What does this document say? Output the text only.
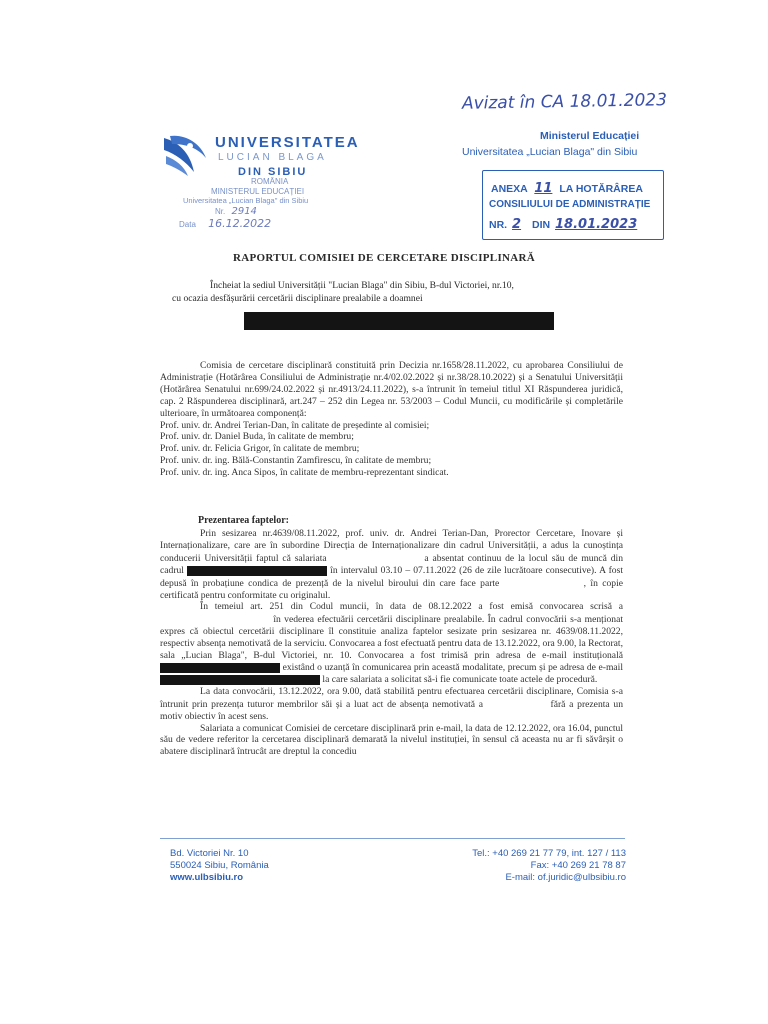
Avizat în CA 18.01.2023
UNIVERSITATEA
LUCIAN BLAGA
DIN SIBIU
ROMÂNIA
MINISTERUL EDUCAȚIEI
Universitatea „Lucian Blaga" din Sibiu
Nr. 2914
Data 16.12.2022
Ministerul Educației
Universitatea „Lucian Blaga" din Sibiu
ANEXA 11 LA HOTĂRÂREA
CONSILIULUI DE ADMINISTRAȚIE
NR. 2 DIN 18.01.2023
RAPORTUL COMISIEI DE CERCETARE DISCIPLINARĂ
Încheiat la sediul Universității "Lucian Blaga" din Sibiu, B-dul Victoriei, nr.10,
cu ocazia desfășurării cercetării disciplinare prealabile a doamnei

Comisia de cercetare disciplinară constituită prin Decizia nr.1658/28.11.2022, cu aprobarea Consiliului de Administrație (Hotărârea Consiliului de Administrație nr.4/02.02.2022 și nr.38/28.10.2022) și a Senatului Universității (Hotărârea Senatului nr.699/24.02.2022 și nr.4913/24.11.2022), s-a întrunit în temeiul titlul XI Răspunderea juridică, cap. 2 Răspunderea disciplinară, art.247 – 252 din Legea nr. 53/2003 – Codul Muncii, cu modificările și completările ulterioare, în următoarea componență:

Prof. univ. dr. Andrei Terian-Dan, în calitate de președinte al comisiei;

Prof. univ. dr. Daniel Buda, în calitate de membru;

Prof. univ. dr. Felicia Grigor, în calitate de membru;

Prof. univ. dr. ing. Bălă-Constantin Zamfirescu, în calitate de membru;

Prof. univ. dr. ing. Anca Sipos, în calitate de membru-reprezentant sindicat.

Prezentarea faptelor:

Prin sesizarea nr.4639/08.11.2022, prof. univ. dr. Andrei Terian-Dan, Prorector Cercetare, Inovare și Internaționalizare, care are în subordine Direcția de Internaționalizare din cadrul Universității, a adus la cunoștința conducerii Universității faptul că salariata	a absentat continuu de la locul său de muncă din cadrul	în intervalul 03.10 – 07.11.2022 (26 de zile lucrătoare consecutive). A fost depusă în probațiune condica de prezență de la nivelul biroului din care face parte	, în copie certificată pentru conformitate cu originalul.

În temeiul art. 251 din Codul muncii, în data de 08.12.2022 a fost emisă convocarea scrisă a  în vederea efectuării cercetării disciplinare prealabile. În cadrul convocării s-a menționat expres că obiectul cercetării disciplinare îl constituie analiza faptelor sesizate prin sesizarea nr. 4639/08.11.2022, respectiv absența nemotivată de la serviciu. Convocarea a fost efectuată pentru data de 13.12.2022, ora 9.00, la Rectorat, sala „Lucian Blaga", B-dul Victoriei, nr. 10. Convocarea a fost trimisă prin adresa de e-mail instituțională  existând o uzanță în comunicarea prin această modalitate, precum și pe adresa de e-mail  la care salariata a solicitat să-i fie comunicate toate actele de procedură.

La data convocării, 13.12.2022, ora 9.00, dată stabilită pentru efectuarea cercetării disciplinare, Comisia s-a întrunit prin prezența tuturor membrilor săi și a luat act de absența nemotivată a	fără a prezenta un motiv obiectiv în acest sens.

Salariata a comunicat Comisiei de cercetare disciplinară prin e-mail, la data de 12.12.2022, ora 16.04, punctul său de vedere referitor la cercetarea disciplinară demarată la nivelul instituției, în sensul că aceasta nu ar fi săvârșit o abatere disciplinară întrucât are dreptul la concediu

Bd. Victoriei Nr. 10
550024 Sibiu, România
www.ulbsibiu.ro
Tel.: +40 269 21 77 79, int. 127 / 113
Fax: +40 269 21 78 87
E-mail: of.juridic@ulbsibiu.ro
